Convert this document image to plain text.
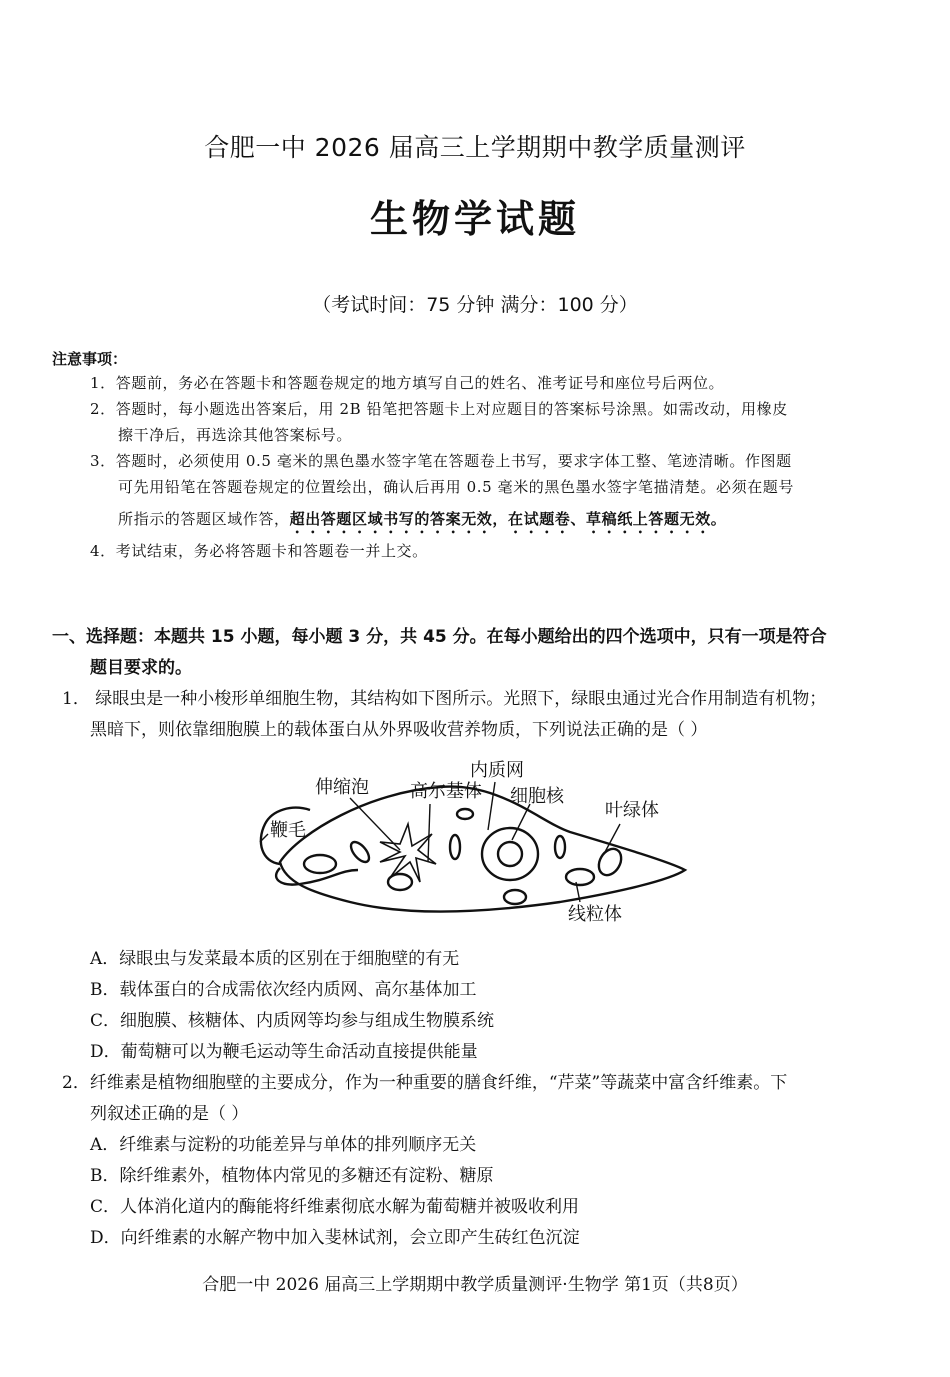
合肥一中 2026 届高三上学期期中教学质量测评
生物学试题
（考试时间：75 分钟 满分：100 分）
注意事项：
1．答题前，务必在答题卡和答题卷规定的地方填写自己的姓名、准考证号和座位号后两位。
2．答题时，每小题选出答案后，用 2B 铅笔把答题卡上对应题目的答案标号涂黑。如需改动，用橡皮
擦干净后，再选涂其他答案标号。
3．答题时，必须使用 0.5 毫米的黑色墨水签字笔在答题卷上书写，要求字体工整、笔迹清晰。作图题
可先用铅笔在答题卷规定的位置绘出，确认后再用 0.5 毫米的黑色墨水签字笔描清楚。必须在题号
所指示的答题区域作答，超出答题区域书写的答案无效，在试题卷、草稿纸上答题无效。
4．考试结束，务必将答题卡和答题卷一并上交。
一、选择题：本题共 15 小题，每小题 3 分，共 45 分。在每小题给出的四个选项中，只有一项是符合
题目要求的。
1． 绿眼虫是一种小梭形单细胞生物，其结构如下图所示。光照下，绿眼虫通过光合作用制造有机物；
黑暗下，则依靠细胞膜上的载体蛋白从外界吸收营养物质，下列说法正确的是（ ）
伸缩泡 高尔基体
内质网
细胞核
叶绿体
鞭毛
线粒体
A．绿眼虫与发菜最本质的区别在于细胞壁的有无
B．载体蛋白的合成需依次经内质网、高尔基体加工
C．细胞膜、核糖体、内质网等均参与组成生物膜系统
D．葡萄糖可以为鞭毛运动等生命活动直接提供能量
2．纤维素是植物细胞壁的主要成分，作为一种重要的膳食纤维，“芹菜”等蔬菜中富含纤维素。下
列叙述正确的是（ ）
A．纤维素与淀粉的功能差异与单体的排列顺序无关
B．除纤维素外，植物体内常见的多糖还有淀粉、糖原
C．人体消化道内的酶能将纤维素彻底水解为葡萄糖并被吸收利用
D．向纤维素的水解产物中加入斐林试剂，会立即产生砖红色沉淀
合肥一中 2026 届高三上学期期中教学质量测评·生物学 第1页（共8页）
